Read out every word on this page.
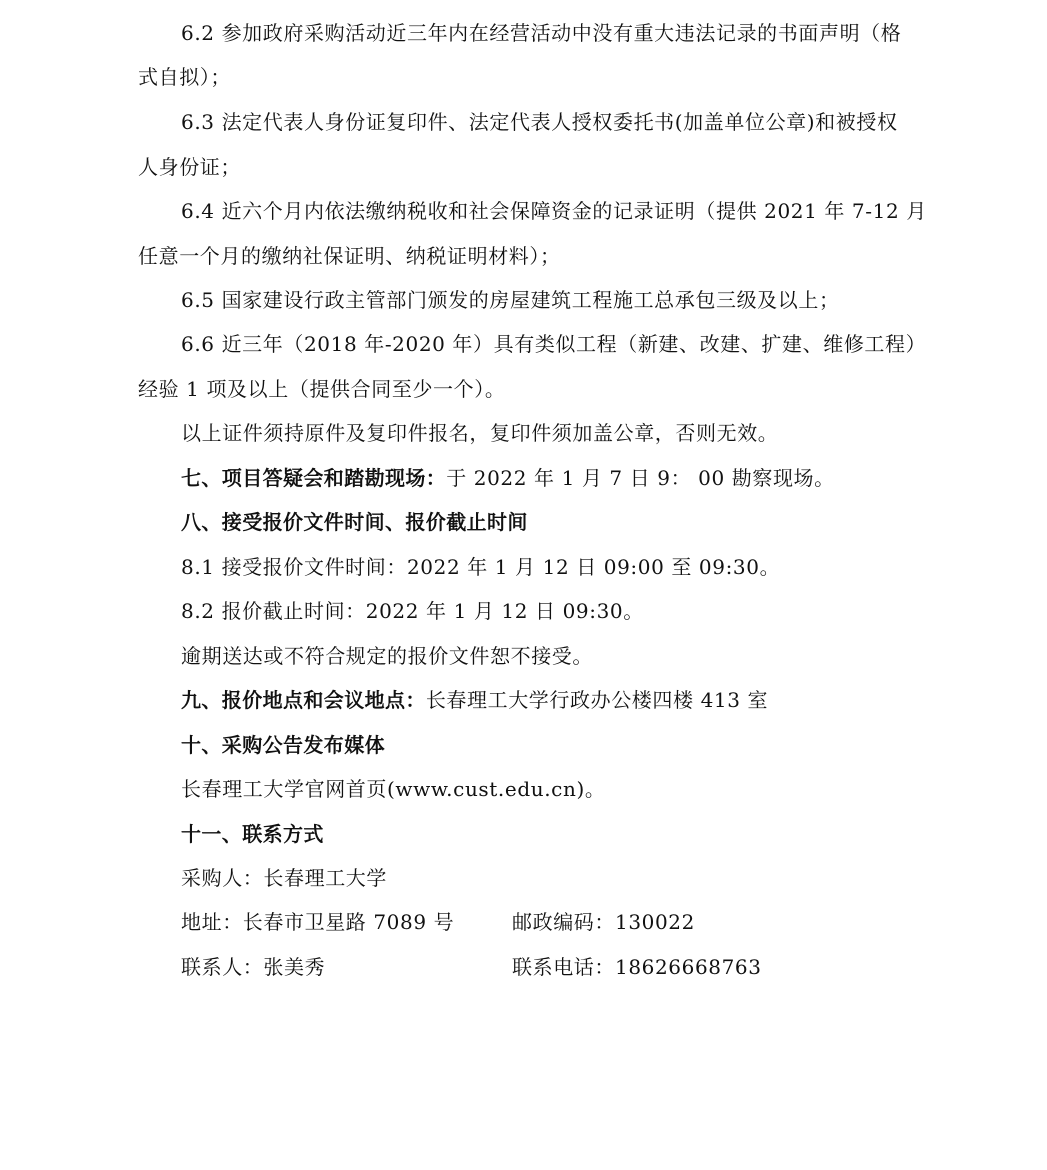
6.2 参加政府采购活动近三年内在经营活动中没有重大违法记录的书面声明（格
式自拟）；
6.3 法定代表人身份证复印件、法定代表人授权委托书(加盖单位公章)和被授权
人身份证；
6.4 近六个月内依法缴纳税收和社会保障资金的记录证明（提供 2021 年 7-12 月
任意一个月的缴纳社保证明、纳税证明材料）；
6.5 国家建设行政主管部门颁发的房屋建筑工程施工总承包三级及以上；
6.6 近三年（2018 年-2020 年）具有类似工程（新建、改建、扩建、维修工程）
经验 1 项及以上（提供合同至少一个）。
以上证件须持原件及复印件报名，复印件须加盖公章，否则无效。
七、项目答疑会和踏勘现场：于 2022 年 1 月 7 日 9： 00 勘察现场。
八、接受报价文件时间、报价截止时间
8.1 接受报价文件时间：2022 年 1 月 12 日 09:00 至 09:30。
8.2 报价截止时间：2022 年 1 月 12 日 09:30。
逾期送达或不符合规定的报价文件恕不接受。
九、报价地点和会议地点：长春理工大学行政办公楼四楼 413 室
十、采购公告发布媒体
长春理工大学官网首页(www.cust.edu.cn)。
十一、联系方式
采购人：长春理工大学
地址：长春市卫星路 7089 号	邮政编码：130022
联系人：张美秀	联系电话：18626668763
